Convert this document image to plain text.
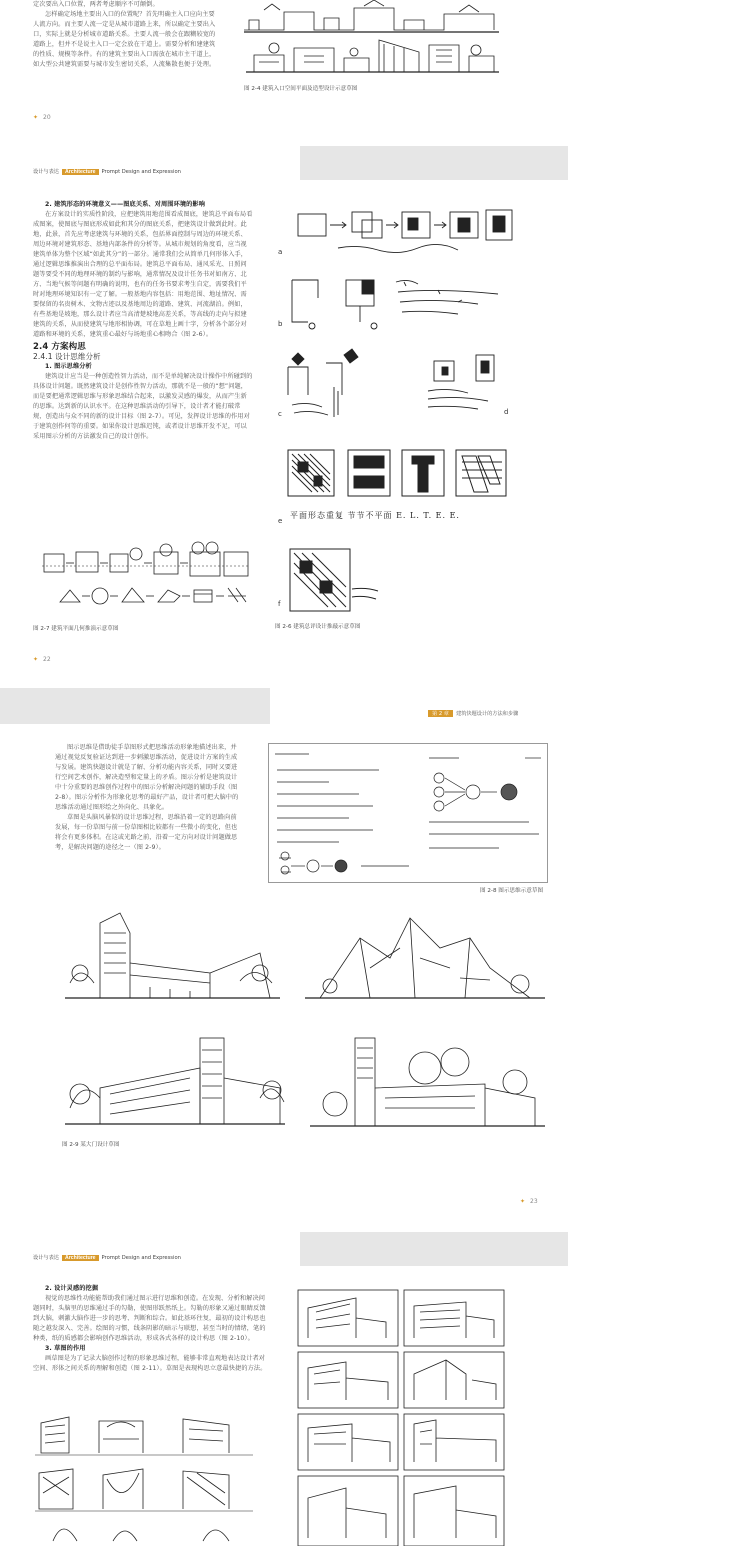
定次要出入口位置，两者考虑顺序不可颠倒。

怎样确定场地主要出入口的位置呢？首先明确主入口应向主要人流方向。而主要人流一定是从城市道路上来，所以确定主要出入口，实际上就是分析城市道路关系。主要人流一般会在跟糊较宽的道路上，但并不是说主入口一定会放在干道上。需要分析和建建筑的性质、规模等条件。有的建筑主要出入口需放在城市主干道上，如大型公共建筑需要与城市发生密切关系，人流集散也便于处理。

图 2-4 建筑入口空间平面及造型设计示意草图
✦ 20
设计与表达	Architecture	Prompt Design and Expression
2. 建筑形态的环境意义——图底关系、对周围环境的影响

在方案设计的实质性阶段，应把建筑用地范围看成图底，建筑总平面布局看成图案，使图底与图底形成如此和其分的图底关系，把建筑设计做到此时。此地，此景，首先应考虑建筑与环境的关系，包括界面控制与周边的环境关系、周边环境对建筑形态、基地内部条件的分析等。从城市规划的角度看，应当视建筑单体为整个区域“如此其分”的一部分。通常我们会从简单几何形体入手，通过逻辑思维推演出合理的总平面布局。建筑总平面布局、通风采光、日照问题等要受不同的地理环境的制约与影响，通常情况及设计任务书对如南方、北方、当地气候等问题有明确的说明，也有的任务书要求考生自定，需要我们平时对地理环境知识有一定了解。一般基地内容包括：用地范围、地址情况、需要保留的名贵树木、文物古迹以及基地周边的道路、建筑、河流湖泊。例如，有些基地是坡地，那么设计者应当高清楚坡地高差关系，等高线的走向与拟建建筑的关系，从而使建筑与地形相协调，可在草地上画十字，分析各个部分对道路和环境的关系，建筑重心最好与场地重心相吻合（图 2-6）。

2.4 方案构思
2.4.1 设计思维分析
1. 图示思维分析

建筑设计应当是一种创造性智力活动，而不是单纯解决设计操作中所碰到的具体设计问题。既然建筑设计是创作性智力活动，那就不是一般的“想”问题，而是要把通常逻辑思维与形象思维结合起来，以激发灵感的爆发，从而产生新的思维。达到新的认识水平。在这种思维活动的引导下，设计者才能打破常规，创造出与众不同的新的设计目标（图 2-7）。可见，发挥设计思维的作用对于建筑创作何等的重要。如果你设计思维迟钝，或者设计思维开发不足，可以采用图示分析的方法激发自己的设计创作。

图 2-7 建筑平面几何推演示意草图
a
b
c	d
e
平面形态重复 节节不平面 E. L. T. E. E.
f
图 2-6 建筑总评设计推敲示意草图
✦ 22
第 2 章	建筑快题设计的方法和步骤

图示思维是借助徒手草图形式把思维活动形象地描述出来，并通过视觉反复验证达到进一步刺激思维活动，促进设计方案的生成与发展。建筑快题设计就是了解、分析功能内容关系，同时又要进行空间艺术创作，解决造型和定量上的矛盾。图示分析是建筑设计中十分重要的思维创作过程中的图示分析解决问题的辅助手段（图 2-8）。图示分析作为形象化思考的最好产品，设计者可把大脑中的思维活动通过图形绘之外向化、具象化。

草图是头脑风暴似的设计思维过程，思维沿着一定的思路向前发展，每一份草图与前一份草图相比较都有一些微小的变化，但也将会有更多体积。在这或光路之前，沿着一定方向对设计问题做思考，是解决问题的途径之一（图 2-9）。

图 2-8 图示思维示意草图
图 2-9 某大门设计草图
✦ 23
设计与表达	Architecture	Prompt Design and Expression
2. 设计灵感的挖掘

视觉的思维性功能能帮助我们通过图示进行思维和创造。在发现、分析和解决问题同时，头脑里的思维通过手的勾勒，使图形跃然纸上。勾勒的形象又通过眼睛反馈到大脑，刺激大脑作进一步的思考、判断和综合。如此基环往复，最初的设计构思也随之越发深入、完善。绘图的习惯，线条阴影的暗示与联想，甚至当时的情绪，笔的种类，纸的质感都会影响创作思维活动，形成各式各样的设计构思（图 2-10）。

3. 草图的作用

画草图是为了记录大脑创作过程的形象思维过程，能够非常直观地表达设计者对空间、形体之间关系的理解和创造（图 2-11）。草图是表现构思立意最快捷的方法。
